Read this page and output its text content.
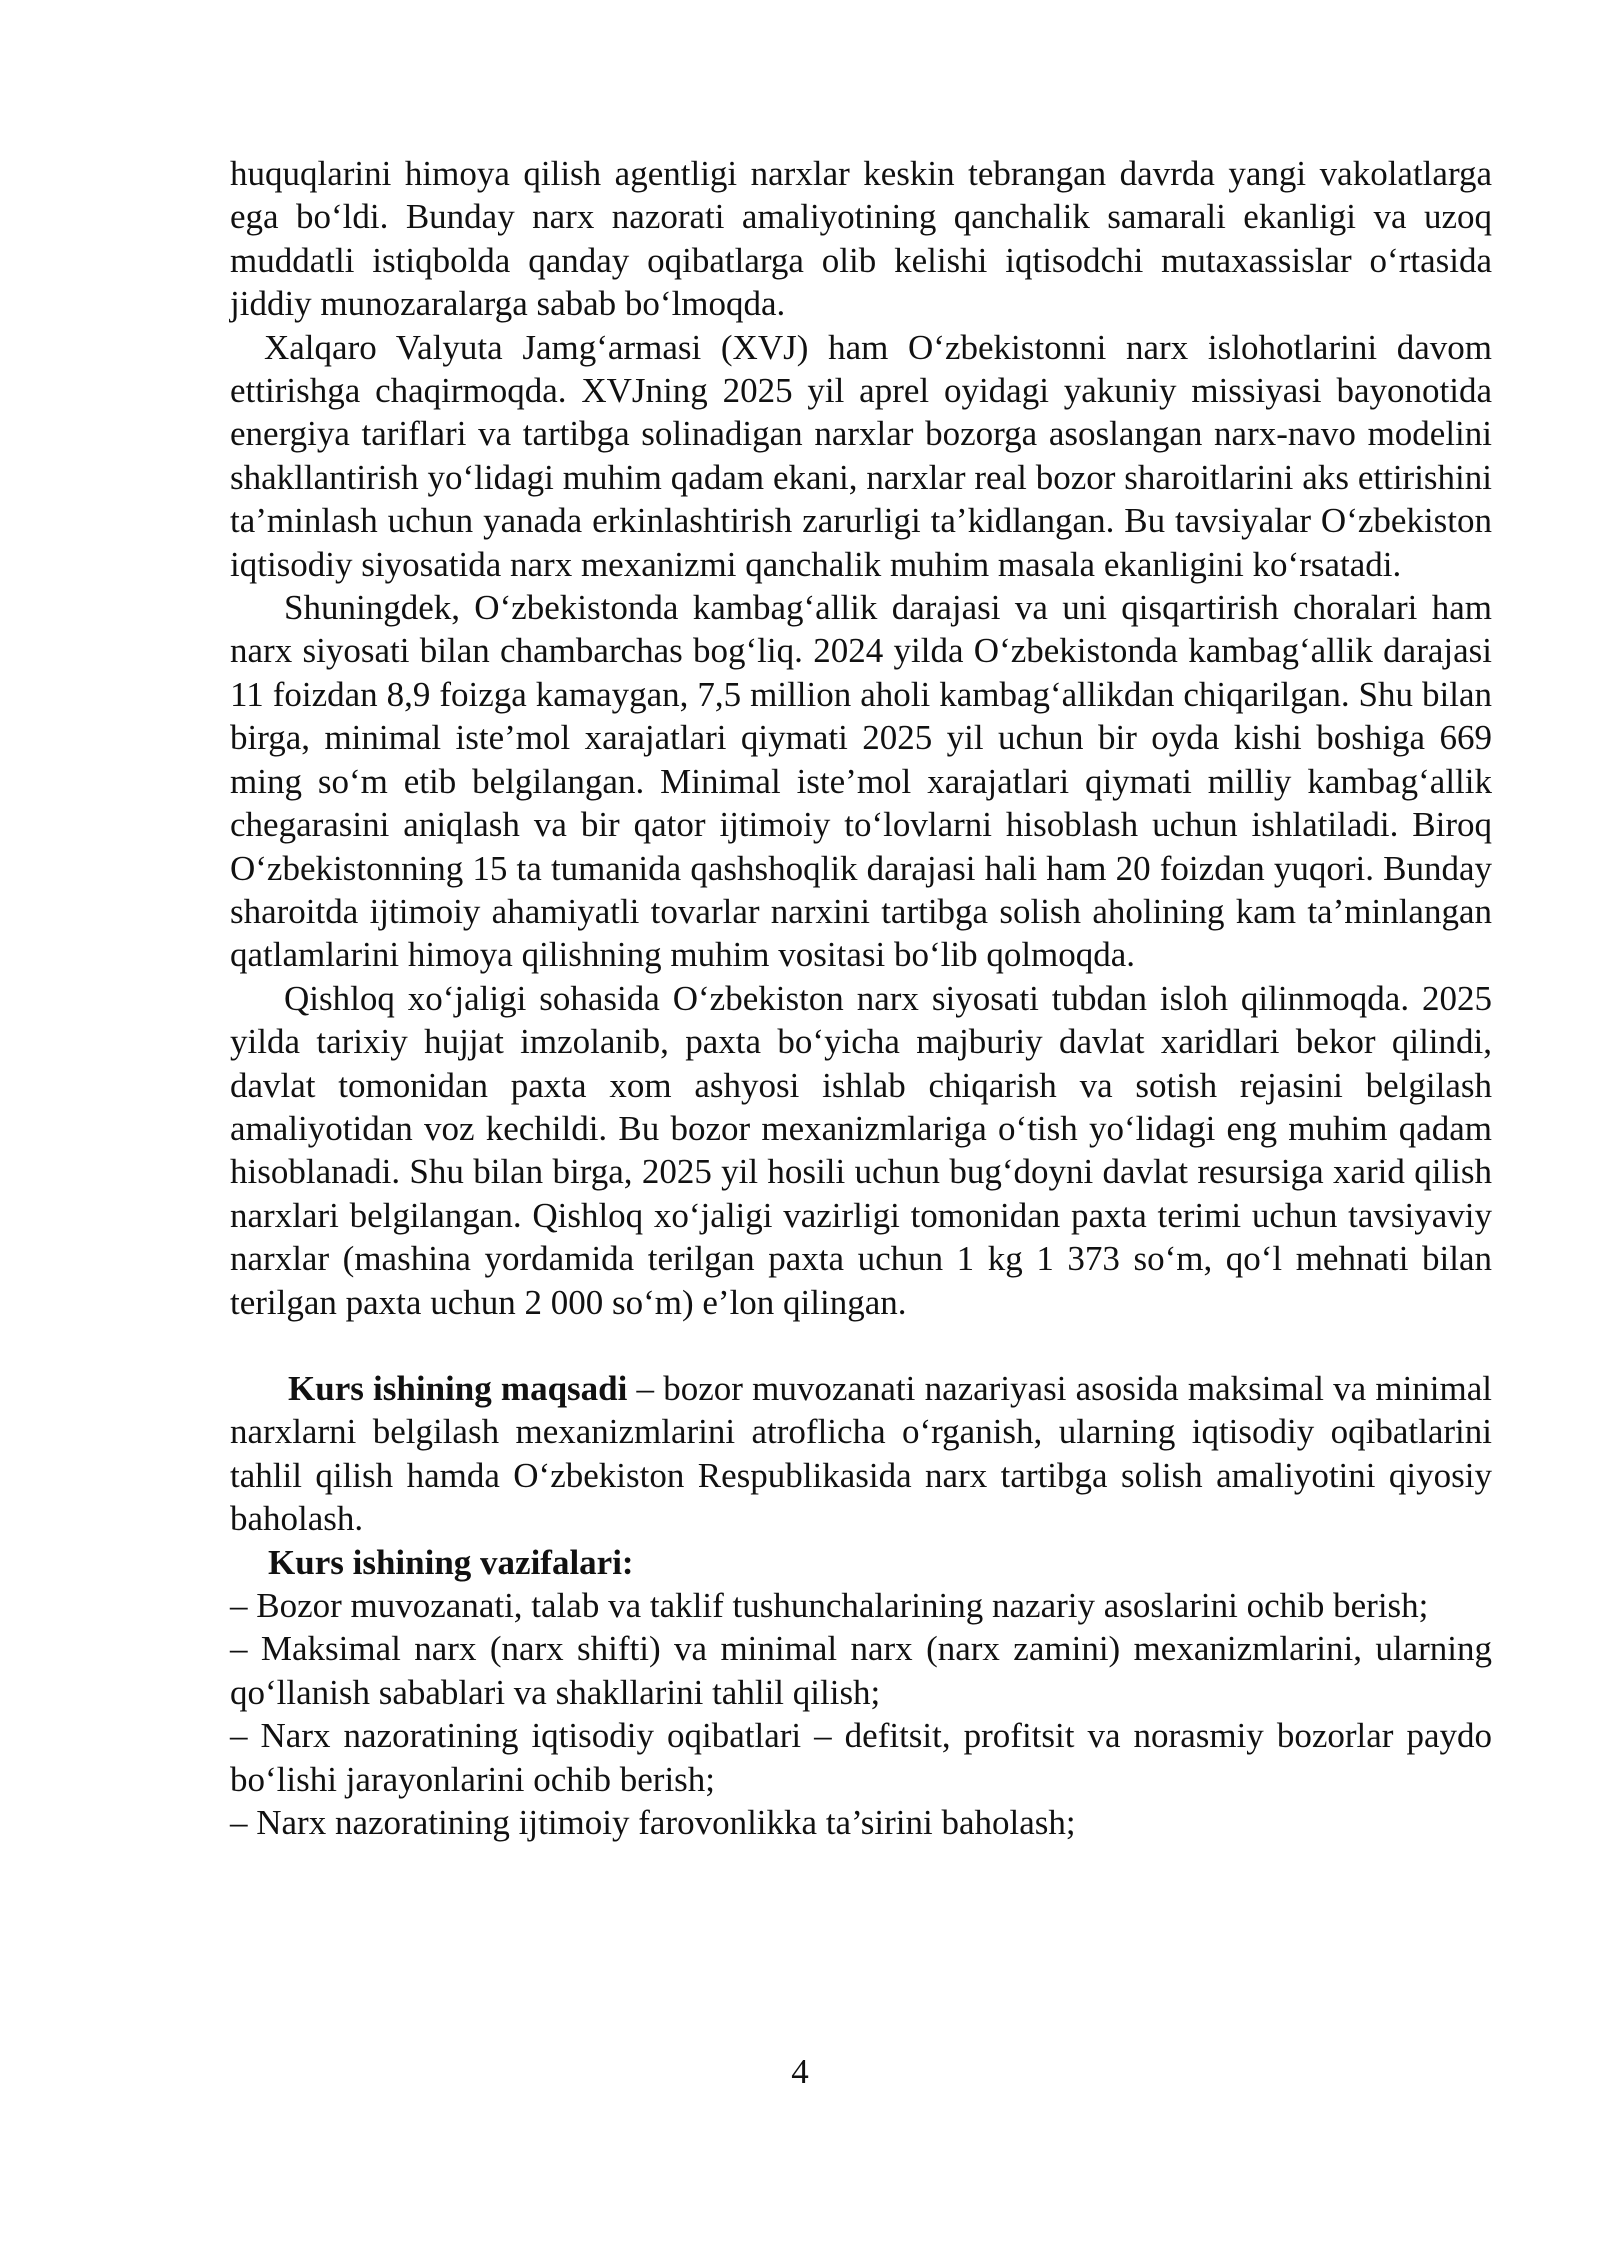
huquqlarini himoya qilish agentligi narxlar keskin tebrangan davrda yangi vakolatlarga ega boʻldi. Bunday narx nazorati amaliyotining qanchalik samarali ekanligi va uzoq muddatli istiqbolda qanday oqibatlarga olib kelishi iqtisodchi mutaxassislar oʻrtasida jiddiy munozaralarga sabab boʻlmoqda.

Xalqaro Valyuta Jamgʻarmasi (XVJ) ham Oʻzbekistonni narx islohotlarini davom ettirishga chaqirmoqda. XVJning 2025 yil aprel oyidagi yakuniy missiyasi bayonotida energiya tariflari va tartibga solinadigan narxlar bozorga asoslangan narx-navo modelini shakllantirish yoʻlidagi muhim qadam ekani, narxlar real bozor sharoitlarini aks ettirishini ta’minlash uchun yanada erkinlashtirish zarurligi ta’kidlangan. Bu tavsiyalar Oʻzbekiston iqtisodiy siyosatida narx mexanizmi qanchalik muhim masala ekanligini koʻrsatadi.

Shuningdek, Oʻzbekistonda kambagʻallik darajasi va uni qisqartirish choralari ham narx siyosati bilan chambarchas bogʻliq. 2024 yilda Oʻzbekistonda kambagʻallik darajasi 11 foizdan 8,9 foizga kamaygan, 7,5 million aholi kambagʻallikdan chiqarilgan. Shu bilan birga, minimal iste’mol xarajatlari qiymati 2025 yil uchun bir oyda kishi boshiga 669 ming soʻm etib belgilangan. Minimal iste’mol xarajatlari qiymati milliy kambagʻallik chegarasini aniqlash va bir qator ijtimoiy toʻlovlarni hisoblash uchun ishlatiladi. Biroq Oʻzbekistonning 15 ta tumanida qashshoqlik darajasi hali ham 20 foizdan yuqori. Bunday sharoitda ijtimoiy ahamiyatli tovarlar narxini tartibga solish aholining kam ta’minlangan qatlamlarini himoya qilishning muhim vositasi boʻlib qolmoqda.

Qishloq xoʻjaligi sohasida Oʻzbekiston narx siyosati tubdan isloh qilinmoqda. 2025 yilda tarixiy hujjat imzolanib, paxta boʻyicha majburiy davlat xaridlari bekor qilindi, davlat tomonidan paxta xom ashyosi ishlab chiqarish va sotish rejasini belgilash amaliyotidan voz kechildi. Bu bozor mexanizmlariga oʻtish yoʻlidagi eng muhim qadam hisoblanadi. Shu bilan birga, 2025 yil hosili uchun bugʻdoyni davlat resursiga xarid qilish narxlari belgilangan. Qishloq xoʻjaligi vazirligi tomonidan paxta terimi uchun tavsiyaviy narxlar (mashina yordamida terilgan paxta uchun 1 kg 1 373 soʻm, qoʻl mehnati bilan terilgan paxta uchun 2 000 soʻm) e’lon qilingan.

Kurs ishining maqsadi – bozor muvozanati nazariyasi asosida maksimal va minimal narxlarni belgilash mexanizmlarini atroflicha oʻrganish, ularning iqtisodiy oqibatlarini tahlil qilish hamda Oʻzbekiston Respublikasida narx tartibga solish amaliyotini qiyosiy baholash.

Kurs ishining vazifalari:

– Bozor muvozanati, talab va taklif tushunchalarining nazariy asoslarini ochib berish;
– Maksimal narx (narx shifti) va minimal narx (narx zamini) mexanizmlarini, ularning qoʻllanish sabablari va shakllarini tahlil qilish;
– Narx nazoratining iqtisodiy oqibatlari – defitsit, profitsit va norasmiy bozorlar paydo boʻlishi jarayonlarini ochib berish;
– Narx nazoratining ijtimoiy farovonlikka ta’sirini baholash;
4
